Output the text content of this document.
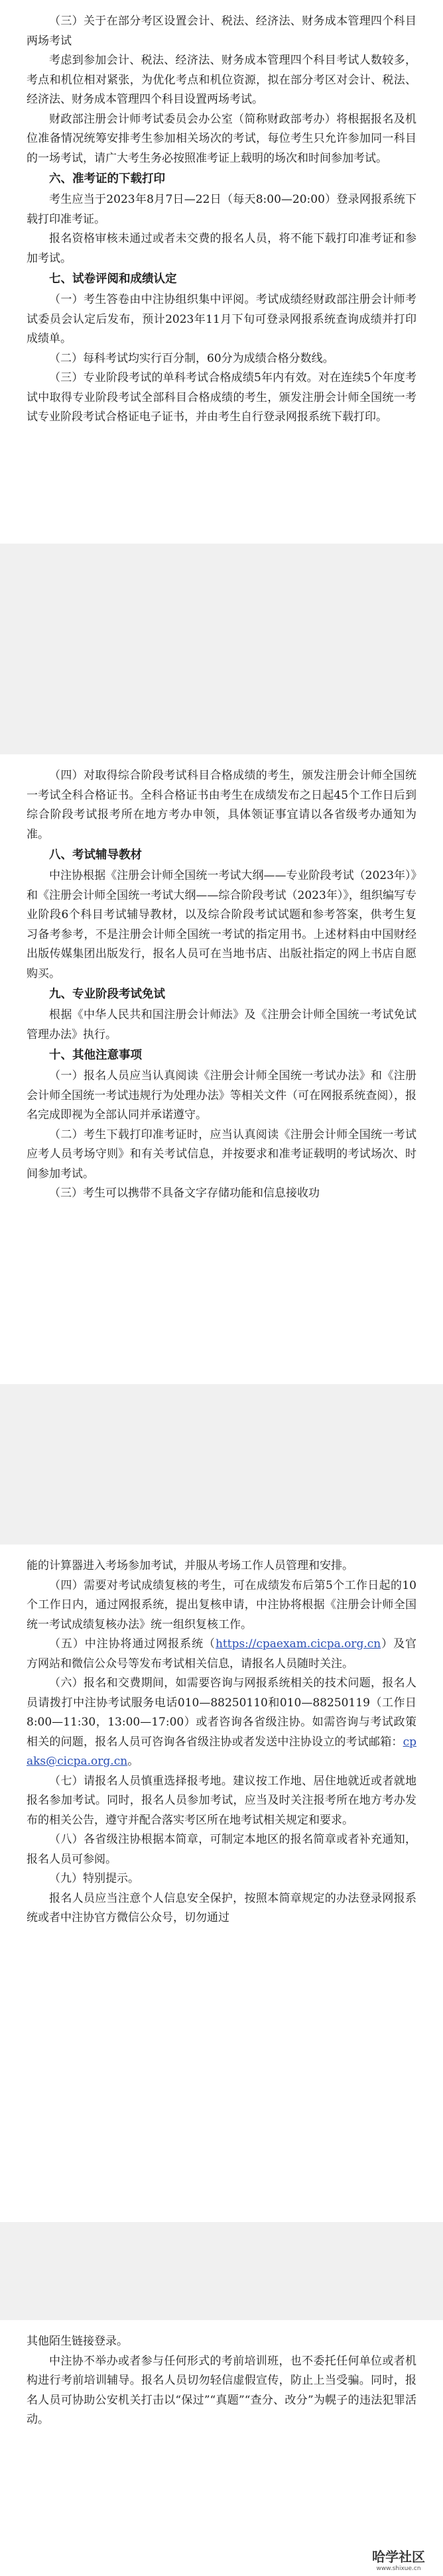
（三）关于在部分考区设置会计、税法、经济法、财务成本管理四个科目两场考试

考虑到参加会计、税法、经济法、财务成本管理四个科目考试人数较多，考点和机位相对紧张，为优化考点和机位资源，拟在部分考区对会计、税法、经济法、财务成本管理四个科目设置两场考试。

财政部注册会计师考试委员会办公室（简称财政部考办）将根据报名及机位准备情况统筹安排考生参加相关场次的考试，每位考生只允许参加同一科目的一场考试，请广大考生务必按照准考证上载明的场次和时间参加考试。

六、准考证的下载打印

考生应当于2023年8月7日—22日（每天8:00—20:00）登录网报系统下载打印准考证。

报名资格审核未通过或者未交费的报名人员，将不能下载打印准考证和参加考试。

七、试卷评阅和成绩认定

（一）考生答卷由中注协组织集中评阅。考试成绩经财政部注册会计师考试委员会认定后发布，预计2023年11月下旬可登录网报系统查询成绩并打印成绩单。

（二）每科考试均实行百分制，60分为成绩合格分数线。

（三）专业阶段考试的单科考试合格成绩5年内有效。对在连续5个年度考试中取得专业阶段考试全部科目合格成绩的考生，颁发注册会计师全国统一考试专业阶段考试合格证电子证书，并由考生自行登录网报系统下载打印。

（四）对取得综合阶段考试科目合格成绩的考生，颁发注册会计师全国统一考试全科合格证书。全科合格证书由考生在成绩发布之日起45个工作日后到综合阶段考试报考所在地方考办申领，具体领证事宜请以各省级考办通知为准。

八、考试辅导教材

中注协根据《注册会计师全国统一考试大纲——专业阶段考试（2023年）》和《注册会计师全国统一考试大纲——综合阶段考试（2023年）》，组织编写专业阶段6个科目考试辅导教材，以及综合阶段考试试题和参考答案，供考生复习备考参考，不是注册会计师全国统一考试的指定用书。上述材料由中国财经出版传媒集团出版发行，报名人员可在当地书店、出版社指定的网上书店自愿购买。

九、专业阶段考试免试

根据《中华人民共和国注册会计师法》及《注册会计师全国统一考试免试管理办法》执行。

十、其他注意事项

（一）报名人员应当认真阅读《注册会计师全国统一考试办法》和《注册会计师全国统一考试违规行为处理办法》等相关文件（可在网报系统查阅），报名完成即视为全部认同并承诺遵守。

（二）考生下载打印准考证时，应当认真阅读《注册会计师全国统一考试应考人员考场守则》和有关考试信息，并按要求和准考证载明的考试场次、时间参加考试。

（三）考生可以携带不具备文字存储功能和信息接收功

能的计算器进入考场参加考试，并服从考场工作人员管理和安排。

（四）需要对考试成绩复核的考生，可在成绩发布后第5个工作日起的10个工作日内，通过网报系统，提出复核申请，中注协将根据《注册会计师全国统一考试成绩复核办法》统一组织复核工作。

（五）中注协将通过网报系统（https://cpaexam.cicpa.org.cn）及官方网站和微信公众号等发布考试相关信息，请报名人员随时关注。

（六）报名和交费期间，如需要咨询与网报系统相关的技术问题，报名人员请拨打中注协考试服务电话010—88250110和010—88250119（工作日8:00—11:30，13:00—17:00）或者咨询各省级注协。如需咨询与考试政策相关的问题，报名人员可咨询各省级注协或者发送中注协设立的考试邮箱：cpaks@cicpa.org.cn。

（七）请报名人员慎重选择报考地。建议按工作地、居住地就近或者就地报名参加考试。同时，报名人员参加考试，应当及时关注报考所在地方考办发布的相关公告，遵守并配合落实考区所在地考试相关规定和要求。

（八）各省级注协根据本简章，可制定本地区的报名简章或者补充通知，报名人员可参阅。

（九）特别提示。

报名人员应当注意个人信息安全保护，按照本简章规定的办法登录网报系统或者中注协官方微信公众号，切勿通过

其他陌生链接登录。

中注协不举办或者参与任何形式的考前培训班，也不委托任何单位或者机构进行考前培训辅导。报名人员切勿轻信虚假宣传，防止上当受骗。同时，报名人员可协助公安机关打击以“保过”“真题”“查分、改分”为幌子的违法犯罪活动。

哈学社区
www.shixue.cn
